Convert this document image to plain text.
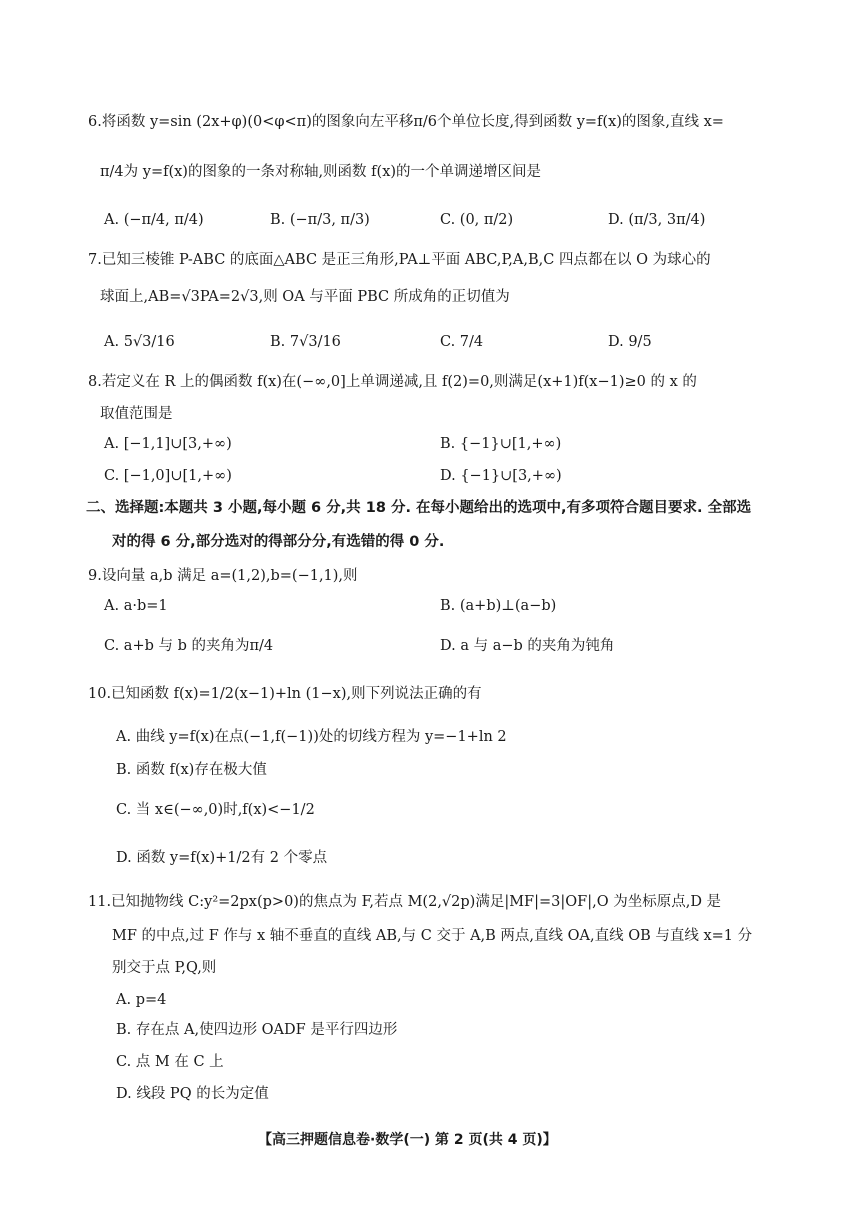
6.将函数 y=sin (2x+φ)(0<φ<π)的图象向左平移π/6个单位长度,得到函数 y=f(x)的图象,直线 x=
π/4为 y=f(x)的图象的一条对称轴,则函数 f(x)的一个单调递增区间是
A. (−π/4, π/4)	B. (−π/3, π/3)	C. (0, π/2)	D. (π/3, 3π/4)
7.已知三棱锥 P-ABC 的底面△ABC 是正三角形,PA⊥平面 ABC,P,A,B,C 四点都在以 O 为球心的
球面上,AB=√3PA=2√3,则 OA 与平面 PBC 所成角的正切值为
A. 5√3/16	B. 7√3/16	C. 7/4	D. 9/5
8.若定义在 R 上的偶函数 f(x)在(−∞,0]上单调递减,且 f(2)=0,则满足(x+1)f(x−1)≥0 的 x 的
取值范围是
A. [−1,1]∪[3,+∞)	B. {−1}∪[1,+∞)
C. [−1,0]∪[1,+∞)	D. {−1}∪[3,+∞)
二、选择题:本题共 3 小题,每小题 6 分,共 18 分. 在每小题给出的选项中,有多项符合题目要求. 全部选
对的得 6 分,部分选对的得部分分,有选错的得 0 分.
9.设向量 a,b 满足 a=(1,2),b=(−1,1),则
A. a·b=1	B. (a+b)⊥(a−b)
C. a+b 与 b 的夹角为π/4	D. a 与 a−b 的夹角为钝角
10.已知函数 f(x)=1/2(x−1)+ln (1−x),则下列说法正确的有
A. 曲线 y=f(x)在点(−1,f(−1))处的切线方程为 y=−1+ln 2
B. 函数 f(x)存在极大值
C. 当 x∈(−∞,0)时,f(x)<−1/2
D. 函数 y=f(x)+1/2有 2 个零点
11.已知抛物线 C:y²=2px(p>0)的焦点为 F,若点 M(2,√2p)满足|MF|=3|OF|,O 为坐标原点,D 是
MF 的中点,过 F 作与 x 轴不垂直的直线 AB,与 C 交于 A,B 两点,直线 OA,直线 OB 与直线 x=1 分
别交于点 P,Q,则
A. p=4
B. 存在点 A,使四边形 OADF 是平行四边形
C. 点 M 在 C 上
D. 线段 PQ 的长为定值
【高三押题信息卷·数学(一) 第 2 页(共 4 页)】
